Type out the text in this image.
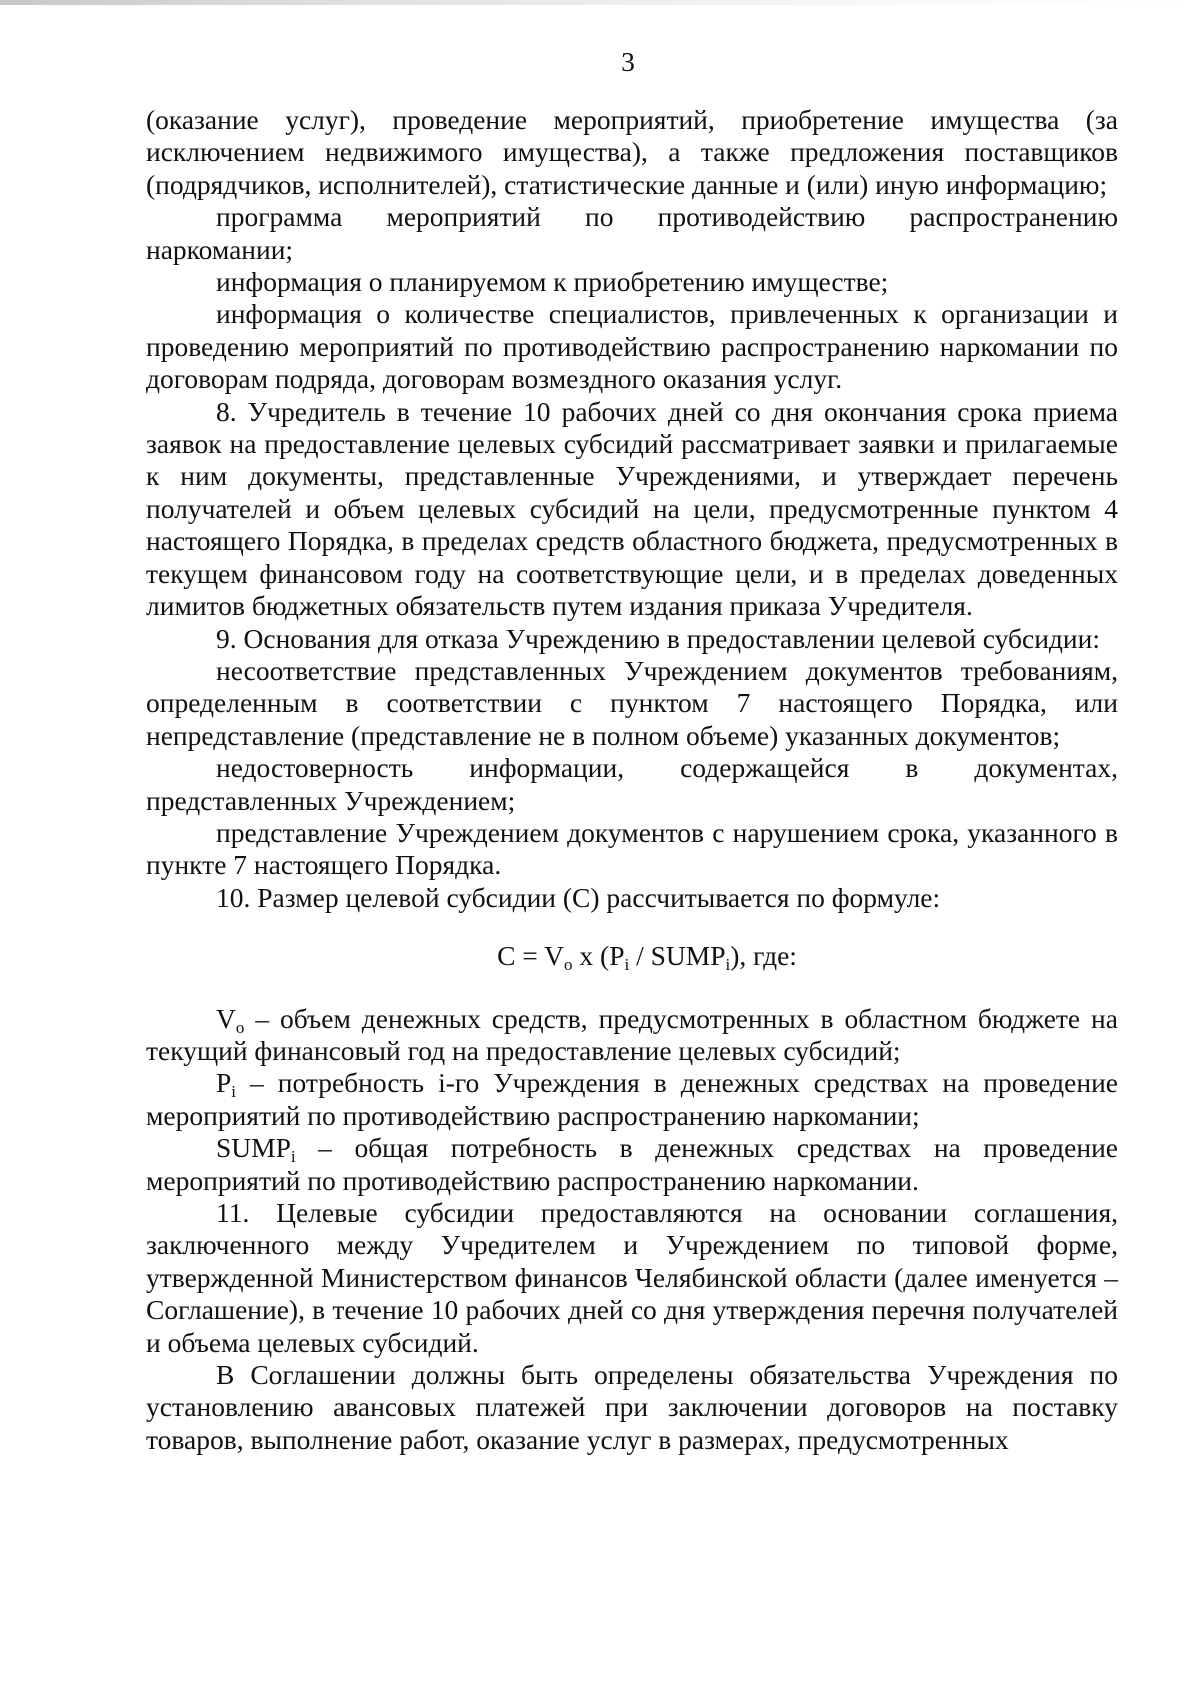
3

(оказание услуг), проведение мероприятий, приобретение имущества (за исключением недвижимого имущества), а также предложения поставщиков (подрядчиков, исполнителей), статистические данные и (или) иную информацию;

программа мероприятий по противодействию распространению наркомании;

информация о планируемом к приобретению имуществе;

информация о количестве специалистов, привлеченных к организации и проведению мероприятий по противодействию распространению наркомании по договорам подряда, договорам возмездного оказания услуг.

8. Учредитель в течение 10 рабочих дней со дня окончания срока приема заявок на предоставление целевых субсидий рассматривает заявки и прилагаемые к ним документы, представленные Учреждениями, и утверждает перечень получателей и объем целевых субсидий на цели, предусмотренные пунктом 4 настоящего Порядка, в пределах средств областного бюджета, предусмотренных в текущем финансовом году на соответствующие цели, и в пределах доведенных лимитов бюджетных обязательств путем издания приказа Учредителя.

9. Основания для отказа Учреждению в предоставлении целевой субсидии:

несоответствие представленных Учреждением документов требованиям, определенным в соответствии с пунктом 7 настоящего Порядка, или непредставление (представление не в полном объеме) указанных документов;

недостоверность информации, содержащейся в документах, представленных Учреждением;

представление Учреждением документов с нарушением срока, указанного в пункте 7 настоящего Порядка.

10. Размер целевой субсидии (С) рассчитывается по формуле:

$C = V_o$ x ($P_i$ / $SUMP_i$), где:

$V_o$ – объем денежных средств, предусмотренных в областном бюджете на текущий финансовый год на предоставление целевых субсидий;

$P_i$ – потребность i-го Учреждения в денежных средствах на проведение мероприятий по противодействию распространению наркомании;

$SUMP_i$ – общая потребность в денежных средствах на проведение мероприятий по противодействию распространению наркомании.

11. Целевые субсидии предоставляются на основании соглашения, заключенного между Учредителем и Учреждением по типовой форме, утвержденной Министерством финансов Челябинской области (далее именуется – Соглашение), в течение 10 рабочих дней со дня утверждения перечня получателей и объема целевых субсидий.

В Соглашении должны быть определены обязательства Учреждения по установлению авансовых платежей при заключении договоров на поставку товаров, выполнение работ, оказание услуг в размерах, предусмотренных
